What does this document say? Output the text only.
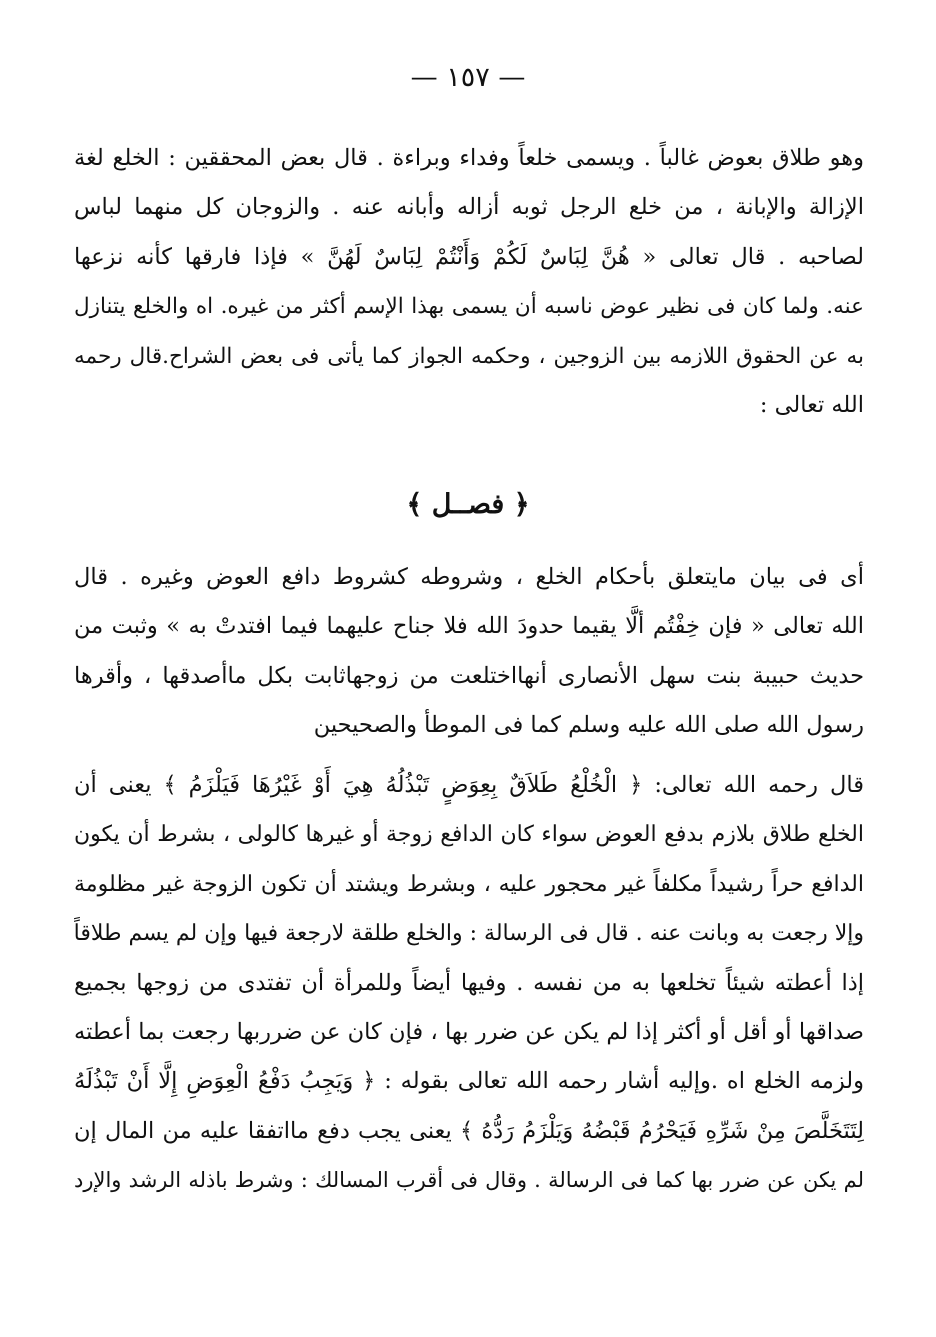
— ١٥٧ —
وهو طلاق بعوض غالباً . ويسمى خلعاً وفداء وبراءة . قال بعض المحققين : الخلع لغة
الإزالة والإبانة ، من خلع الرجل ثوبه أزاله وأبانه عنه . والزوجان كل منهما لباس
لصاحبه . قال تعالى « هُنَّ لِبَاسٌ لَكُمْ وَأَنْتُمْ لِبَاسٌ لَهُنَّ » فإذا فارقها كأنه نزعها
عنه. ولما كان فى نظير عوض ناسبه أن يسمى بهذا الإسم أكثر من غيره. اه والخلع يتنازل
به عن الحقوق اللازمه بين الزوجين ، وحكمه الجواز كما يأتى فى بعض الشراح.قال رحمه
الله تعالى :
﴿ فصــل ﴾
أى فى بيان مايتعلق بأحكام الخلع ، وشروطه كشروط دافع العوض وغيره . قال
الله تعالى « فإن خِفْتُم ألَّا يقيما حدودَ الله فلا جناح عليهما فيما افتدتْ به » وثبت من
حديث حبيبة بنت سهل الأنصارى أنهااختلعت من زوجهاثابت بكل ماأصدقها ، وأقرها
رسول الله صلى الله عليه وسلم كما فى الموطأ والصحيحين
قال رحمه الله تعالى: ﴿ الْخُلْعُ طَلاَقٌ بِعِوَضٍ تَبْذُلُهُ هِيَ أَوْ غَيْرُهَا فَيَلْزَمُ ﴾ يعنى أن
الخلع طلاق بلازم بدفع العوض سواء كان الدافع زوجة أو غيرها كالولى ، بشرط أن يكون
الدافع حراً رشيداً مكلفاً غير محجور عليه ، وبشرط ويشتد أن تكون الزوجة غير مظلومة
وإلا رجعت به وبانت عنه . قال فى الرسالة : والخلع طلقة لارجعة فيها وإن لم يسم طلاقاً
إذا أعطته شيئاً تخلعها به من نفسه . وفيها أيضاً وللمرأة أن تفتدى من زوجها بجميع
صداقها أو أقل أو أكثر إذا لم يكن عن ضرر بها ، فإن كان عن ضرربها رجعت بما أعطته
ولزمه الخلع اه .وإليه أشار رحمه الله تعالى بقوله : ﴿ وَيَجِبُ دَفْعُ الْعِوَضِ إِلَّا أَنْ تَبْذُلَهُ
لِتَتَخَلَّصَ مِنْ شَرِّهِ فَيَحْرُمُ قَبْضُهُ وَيَلْزَمُ رَدُّهُ ﴾ يعنى يجب دفع مااتفقا عليه من المال إن
لم يكن عن ضرر بها كما فى الرسالة . وقال فى أقرب المسالك : وشرط باذله الرشد والإرد
